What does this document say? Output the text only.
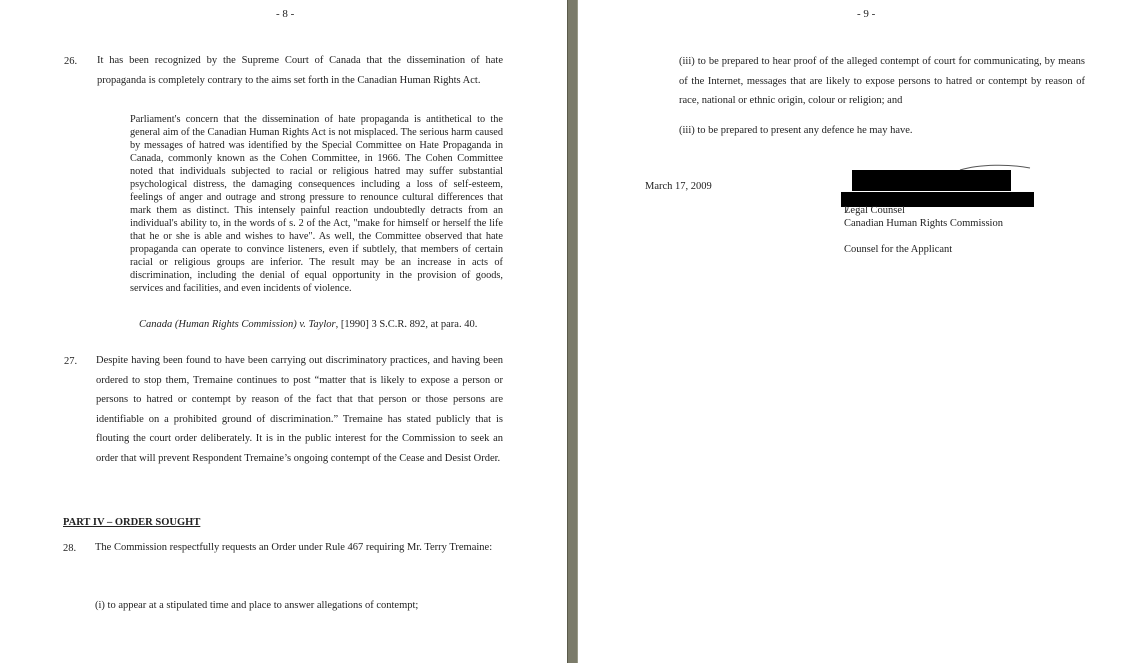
- 8 -
26. It has been recognized by the Supreme Court of Canada that the dissemination of hate propaganda is completely contrary to the aims set forth in the Canadian Human Rights Act.

Parliament's concern that the dissemination of hate propaganda is antithetical to the general aim of the Canadian Human Rights Act is not misplaced. The serious harm caused by messages of hatred was identified by the Special Committee on Hate Propaganda in Canada, commonly known as the Cohen Committee, in 1966. The Cohen Committee noted that individuals subjected to racial or religious hatred may suffer substantial psychological distress, the damaging consequences including a loss of self-esteem, feelings of anger and outrage and strong pressure to renounce cultural differences that mark them as distinct. This intensely painful reaction undoubtedly detracts from an individual's ability to, in the words of s. 2 of the Act, "make for himself or herself the life that he or she is able and wishes to have". As well, the Committee observed that hate propaganda can operate to convince listeners, even if subtlely, that members of certain racial or religious groups are inferior. The result may be an increase in acts of discrimination, including the denial of equal opportunity in the provision of goods, services and facilities, and even incidents of violence.

Canada (Human Rights Commission) v. Taylor, [1990] 3 S.C.R. 892, at para. 40.

27. Despite having been found to have been carrying out discriminatory practices, and having been ordered to stop them, Tremaine continues to post “matter that is likely to expose a person or persons to hatred or contempt by reason of the fact that that person or those persons are identifiable on a prohibited ground of discrimination.” Tremaine has stated publicly that is flouting the court order deliberately. It is in the public interest for the Commission to seek an order that will prevent Respondent Tremaine’s ongoing contempt of the Cease and Desist Order.

PART IV – ORDER SOUGHT
28. The Commission respectfully requests an Order under Rule 467 requiring Mr. Terry Tremaine:

(i) to appear at a stipulated time and place to answer allegations of contempt;
- 9 -

(iii) to be prepared to hear proof of the alleged contempt of court for communicating, by means of the Internet, messages that are likely to expose persons to hatred or contempt by reason of race, national or ethnic origin, colour or religion; and

(iii) to be prepared to present any defence he may have.
March 17, 2009
Legal Counsel
Canadian Human Rights Commission
Counsel for the Applicant
